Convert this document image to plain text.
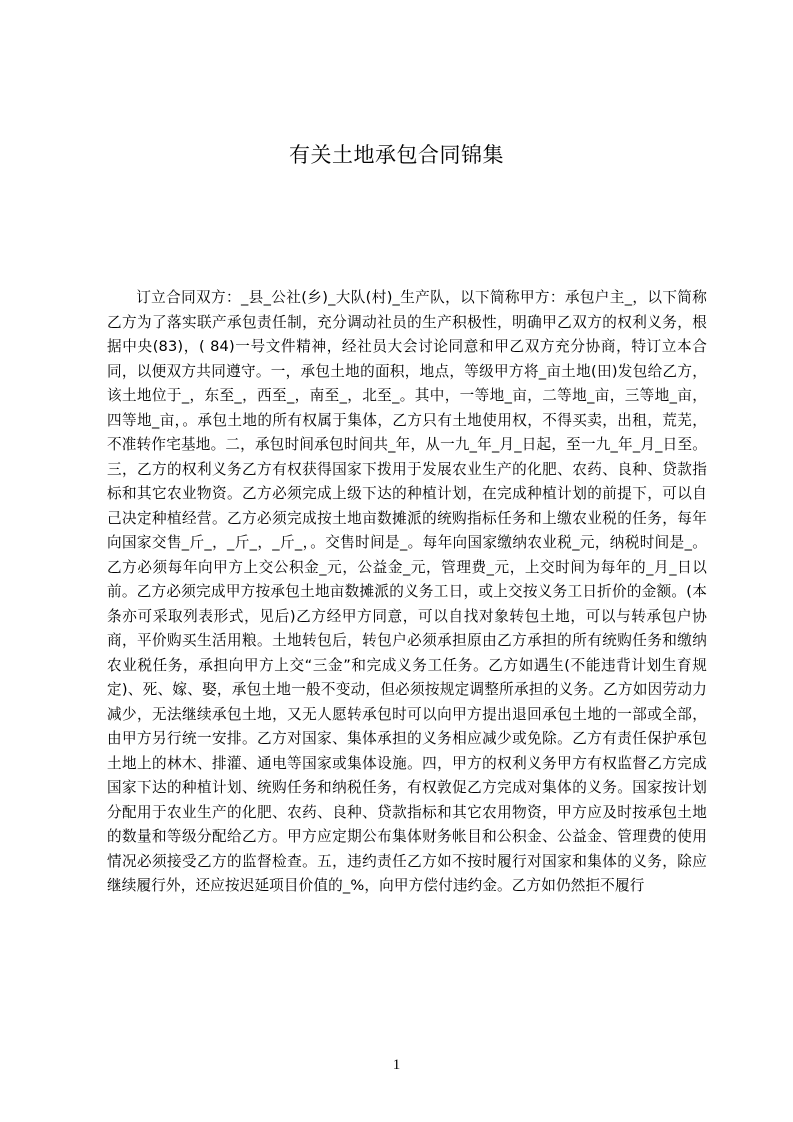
有关土地承包合同锦集

订立合同双方：_县_公社(乡)_大队(村)_生产队，以下简称甲方：承包户主_，以下简称乙方为了落实联产承包责任制，充分调动社员的生产积极性，明确甲乙双方的权利义务，根据中央(83)，( 84)一号文件精神，经社员大会讨论同意和甲乙双方充分协商，特订立本合同，以便双方共同遵守。一，承包土地的面积，地点，等级甲方将_亩土地(田)发包给乙方，该土地位于_，东至_，西至_，南至_，北至_。其中，一等地_亩，二等地_亩，三等地_亩，四等地_亩，。承包土地的所有权属于集体，乙方只有土地使用权，不得买卖，出租，荒芜，不准转作宅基地。二，承包时间承包时间共_年，从一九_年_月_日起，至一九_年_月_日至。三，乙方的权利义务乙方有权获得国家下拨用于发展农业生产的化肥、农药、良种、贷款指标和其它农业物资。乙方必须完成上级下达的种植计划，在完成种植计划的前提下，可以自己决定种植经营。乙方必须完成按土地亩数摊派的统购指标任务和上缴农业税的任务，每年向国家交售_斤_，_斤_，_斤_，。交售时间是_。每年向国家缴纳农业税_元，纳税时间是_。乙方必须每年向甲方上交公积金_元，公益金_元，管理费_元，上交时间为每年的_月_日以前。乙方必须完成甲方按承包土地亩数摊派的义务工日，或上交按义务工日折价的金额。(本条亦可采取列表形式，见后)乙方经甲方同意，可以自找对象转包土地，可以与转承包户协商，平价购买生活用粮。土地转包后，转包户必须承担原由乙方承担的所有统购任务和缴纳农业税任务，承担向甲方上交“三金”和完成义务工任务。乙方如遇生(不能违背计划生育规定)、死、嫁、娶，承包土地一般不变动，但必须按规定调整所承担的义务。乙方如因劳动力减少，无法继续承包土地，又无人愿转承包时可以向甲方提出退回承包土地的一部或全部，由甲方另行统一安排。乙方对国家、集体承担的义务相应减少或免除。乙方有责任保护承包土地上的林木、排灌、通电等国家或集体设施。四，甲方的权利义务甲方有权监督乙方完成国家下达的种植计划、统购任务和纳税任务，有权敦促乙方完成对集体的义务。国家按计划分配用于农业生产的化肥、农药、良种、贷款指标和其它农用物资，甲方应及时按承包土地的数量和等级分配给乙方。甲方应定期公布集体财务帐目和公积金、公益金、管理费的使用情况必须接受乙方的监督检查。五，违约责任乙方如不按时履行对国家和集体的义务，除应继续履行外，还应按迟延项目价值的_%，向甲方偿付违约金。乙方如仍然拒不履行

1
